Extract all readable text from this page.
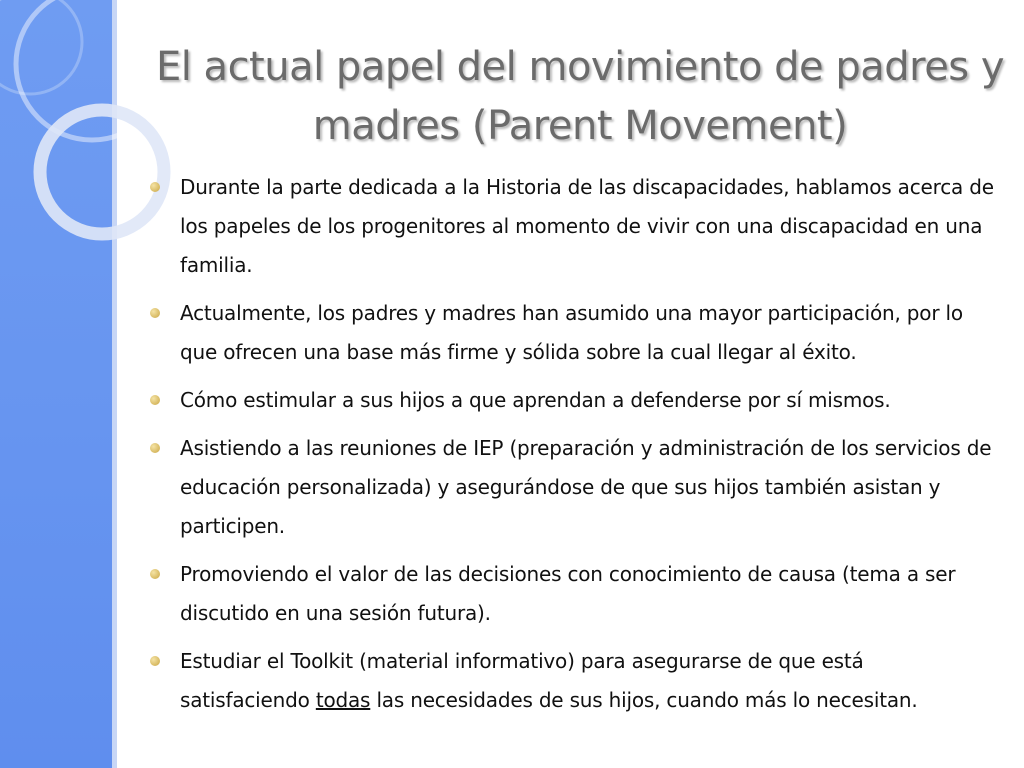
El actual papel del movimiento de padres y madres (Parent Movement)
Durante la parte dedicada a la Historia de las discapacidades, hablamos acerca de los papeles de los progenitores al momento de vivir con una discapacidad en una familia.
Actualmente, los padres y madres han asumido una mayor participación, por lo que ofrecen una base más firme y sólida sobre la cual llegar al éxito.
Cómo estimular a sus hijos a que aprendan a defenderse por sí mismos.
Asistiendo a las reuniones de IEP (preparación y administración de los servicios de educación personalizada) y asegurándose de que sus hijos también asistan y participen.
Promoviendo el valor de las decisiones con conocimiento de causa (tema a ser discutido en una sesión futura).
Estudiar el Toolkit (material informativo) para asegurarse de que está satisfaciendo todas las necesidades de sus hijos, cuando más lo necesitan.
